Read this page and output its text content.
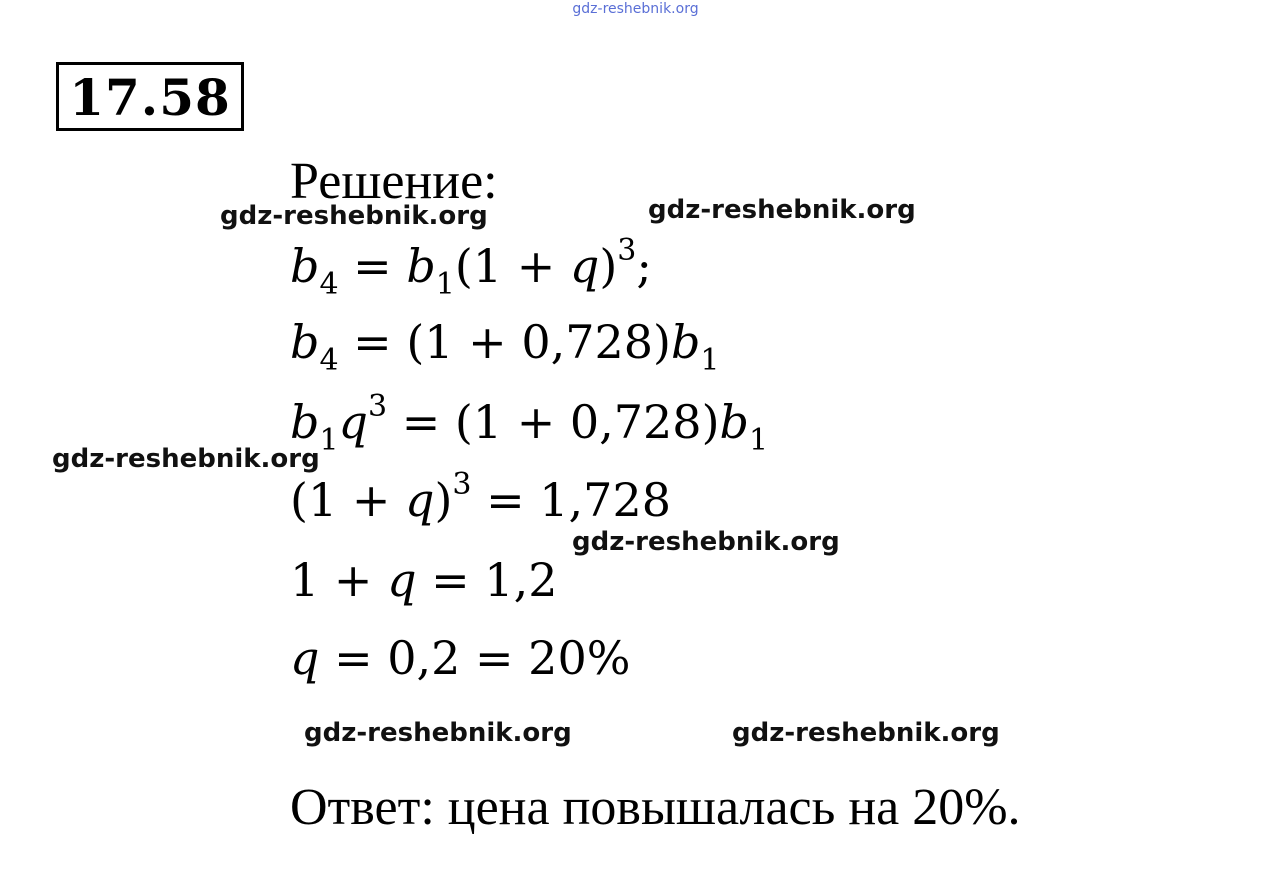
gdz-reshebnik.org
17.58
Решение:
$b_4 = b_1(1 + q)^3$;
$b_4 = (1 + 0,728)b_1$
$b_1q^3 = (1 + 0,728)b_1$
$(1 + q)^3 = 1,728$
1 + q = 1,2
q = 0,2 = 20%
Ответ: цена повышалась на 20%.
gdz-reshebnik.org	gdz-reshebnik.org
gdz-reshebnik.org
gdz-reshebnik.org
gdz-reshebnik.org	gdz-reshebnik.org
